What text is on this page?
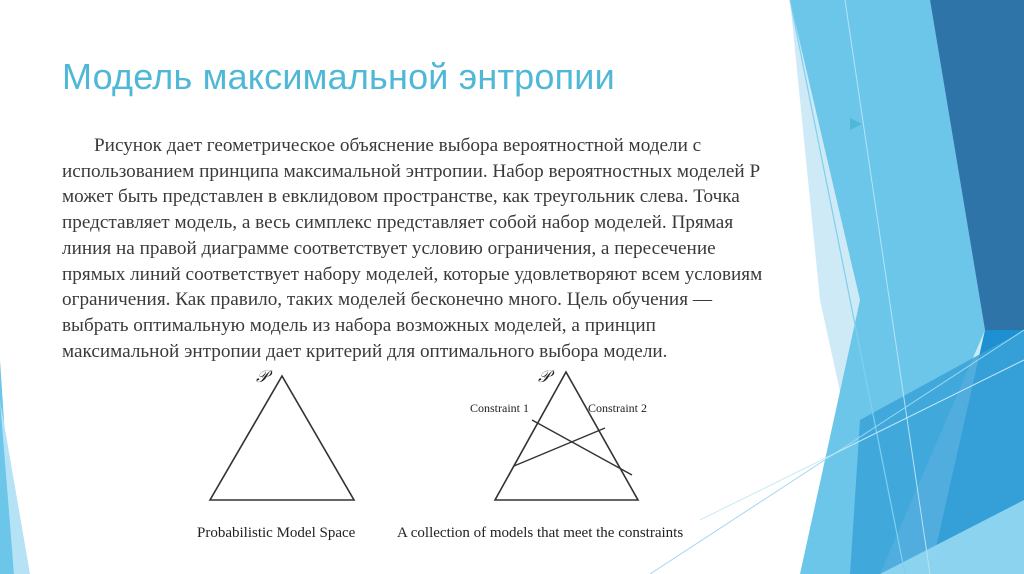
Модель максимальной энтропии
Рисунок дает геометрическое объяснение выбора вероятностной модели с
использованием принципа максимальной энтропии. Набор вероятностных моделей P
может быть представлен в евклидовом пространстве, как треугольник слева. Точка
представляет модель, а весь симплекс представляет собой набор моделей. Прямая
линия на правой диаграмме соответствует условию ограничения, а пересечение
прямых линий соответствует набору моделей, которые удовлетворяют всем условиям
ограничения. Как правило, таких моделей бесконечно много. Цель обучения —
выбрать оптимальную модель из набора возможных моделей, а принцип
максимальной энтропии дает критерий для оптимального выбора модели.
𝒫
Probabilistic Model Space
𝒫
Constraint 1	Constraint 2
A collection of models that meet the constraints
